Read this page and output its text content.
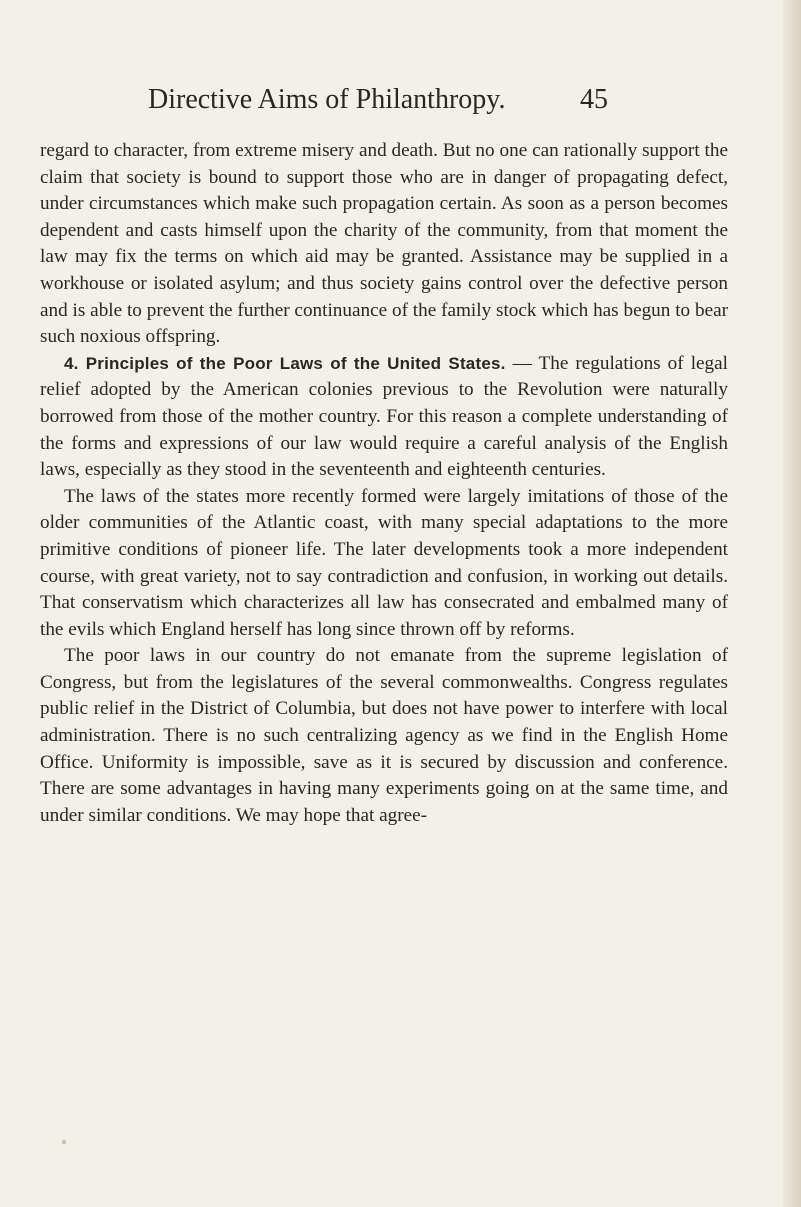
Directive Aims of Philanthropy.	45

regard to character, from extreme misery and death. But no one can rationally support the claim that society is bound to support those who are in danger of propagating defect, under circumstances which make such propagation certain. As soon as a person becomes dependent and casts himself upon the charity of the community, from that moment the law may fix the terms on which aid may be granted. Assistance may be supplied in a workhouse or isolated asylum; and thus society gains control over the defective person and is able to prevent the further continuance of the family stock which has begun to bear such noxious offspring.

4. Principles of the Poor Laws of the United States. — The regulations of legal relief adopted by the American colonies previous to the Revolution were naturally borrowed from those of the mother country. For this reason a complete understanding of the forms and expressions of our law would require a careful analysis of the English laws, especially as they stood in the seventeenth and eighteenth centuries.

The laws of the states more recently formed were largely imitations of those of the older communities of the Atlantic coast, with many special adaptations to the more primitive conditions of pioneer life. The later developments took a more independent course, with great variety, not to say contradiction and confusion, in working out details. That conservatism which characterizes all law has consecrated and embalmed many of the evils which England herself has long since thrown off by reforms.

The poor laws in our country do not emanate from the supreme legislation of Congress, but from the legislatures of the several commonwealths. Congress regulates public relief in the District of Columbia, but does not have power to interfere with local administration. There is no such centralizing agency as we find in the English Home Office. Uniformity is impossible, save as it is secured by discussion and conference. There are some advantages in having many experiments going on at the same time, and under similar conditions. We may hope that agree-
